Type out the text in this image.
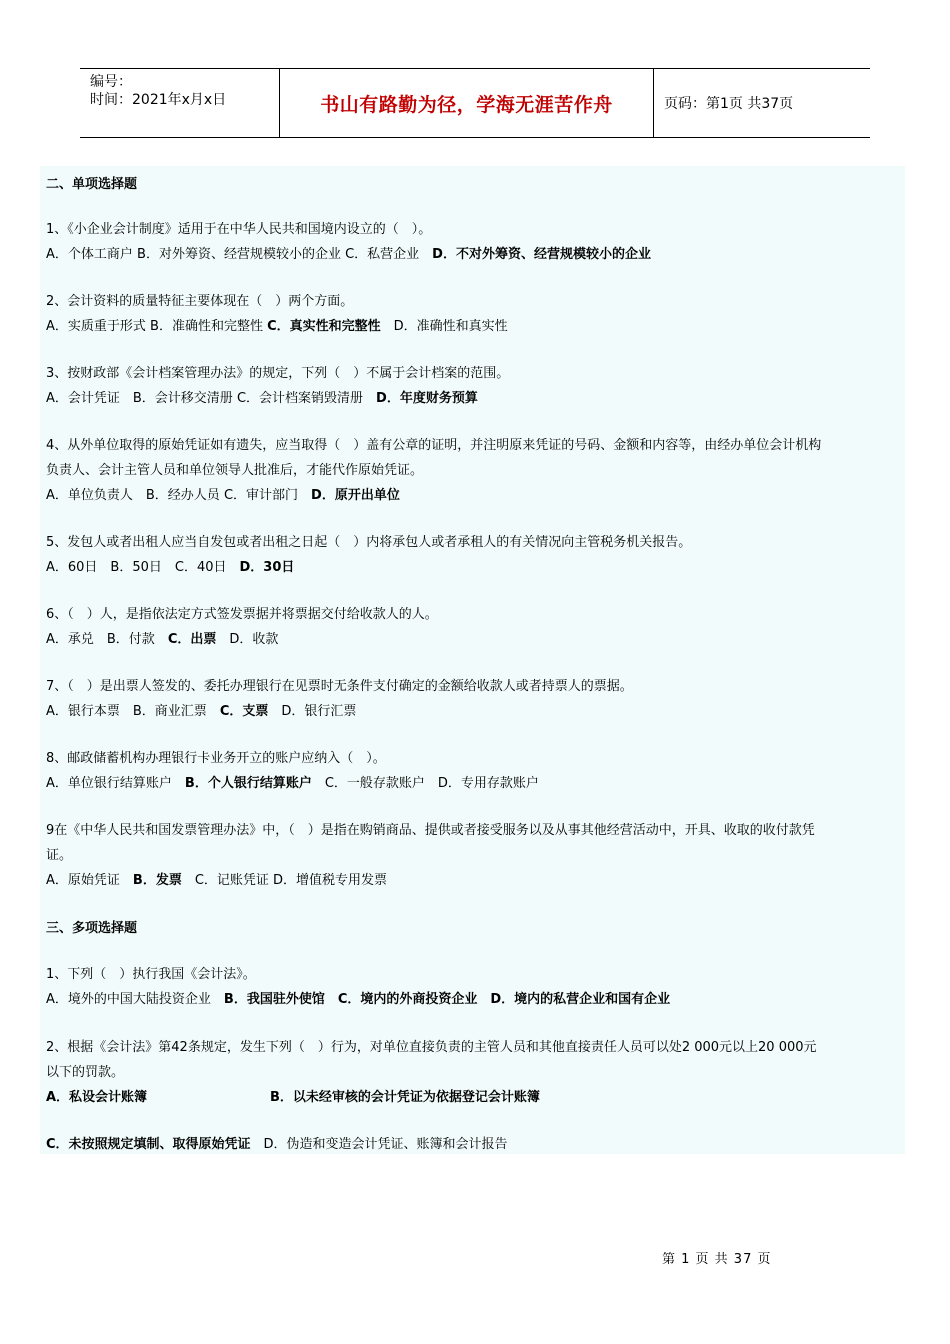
编号：
时间：2021年x月x日	书山有路勤为径，学海无涯苦作舟	页码：第1页 共37页
二、单项选择题
1、《小企业会计制度》适用于在中华人民共和国境内设立的（　）。
A．个体工商户 B．对外筹资、经营规模较小的企业 C．私营企业　D．不对外筹资、经营规模较小的企业
2、会计资料的质量特征主要体现在（　）两个方面。
A．实质重于形式 B．准确性和完整性 C．真实性和完整性　D．准确性和真实性
3、按财政部《会计档案管理办法》的规定，下列（　）不属于会计档案的范围。
A．会计凭证　B．会计移交清册 C．会计档案销毁清册　D．年度财务预算
4、从外单位取得的原始凭证如有遗失，应当取得（　）盖有公章的证明，并注明原来凭证的号码、金额和内容等，由经办单位会计机构
负责人、会计主管人员和单位领导人批准后，才能代作原始凭证。
A．单位负责人　B．经办人员 C．审计部门　D．原开出单位
5、发包人或者出租人应当自发包或者出租之日起（　）内将承包人或者承租人的有关情况向主管税务机关报告。
A．60日　B．50日　C．40日　D．30日
6、（　）人，是指依法定方式签发票据并将票据交付给收款人的人。
A．承兑　B．付款　C．出票　D．收款
7、（　）是出票人签发的、委托办理银行在见票时无条件支付确定的金额给收款人或者持票人的票据。
A．银行本票　B．商业汇票　C．支票　D．银行汇票
8、邮政储蓄机构办理银行卡业务开立的账户应纳入（　）。
A．单位银行结算账户　B．个人银行结算账户　C．一般存款账户　D．专用存款账户
9在《中华人民共和国发票管理办法》中，（　）是指在购销商品、提供或者接受服务以及从事其他经营活动中，开具、收取的收付款凭
证。
A．原始凭证　B．发票　C．记账凭证 D．增值税专用发票
三、多项选择题
1、下列（　）执行我国《会计法》。
A．境外的中国大陆投资企业　B．我国驻外使馆　C．境内的外商投资企业　D．境内的私营企业和国有企业
2、根据《会计法》第42条规定，发生下列（　）行为，对单位直接负责的主管人员和其他直接责任人员可以处2 000元以上20 000元
以下的罚款。
A．私设会计账簿	B．以未经审核的会计凭证为依据登记会计账簿
C．未按照规定填制、取得原始凭证　D．伪造和变造会计凭证、账簿和会计报告
第 1 页 共 37 页
